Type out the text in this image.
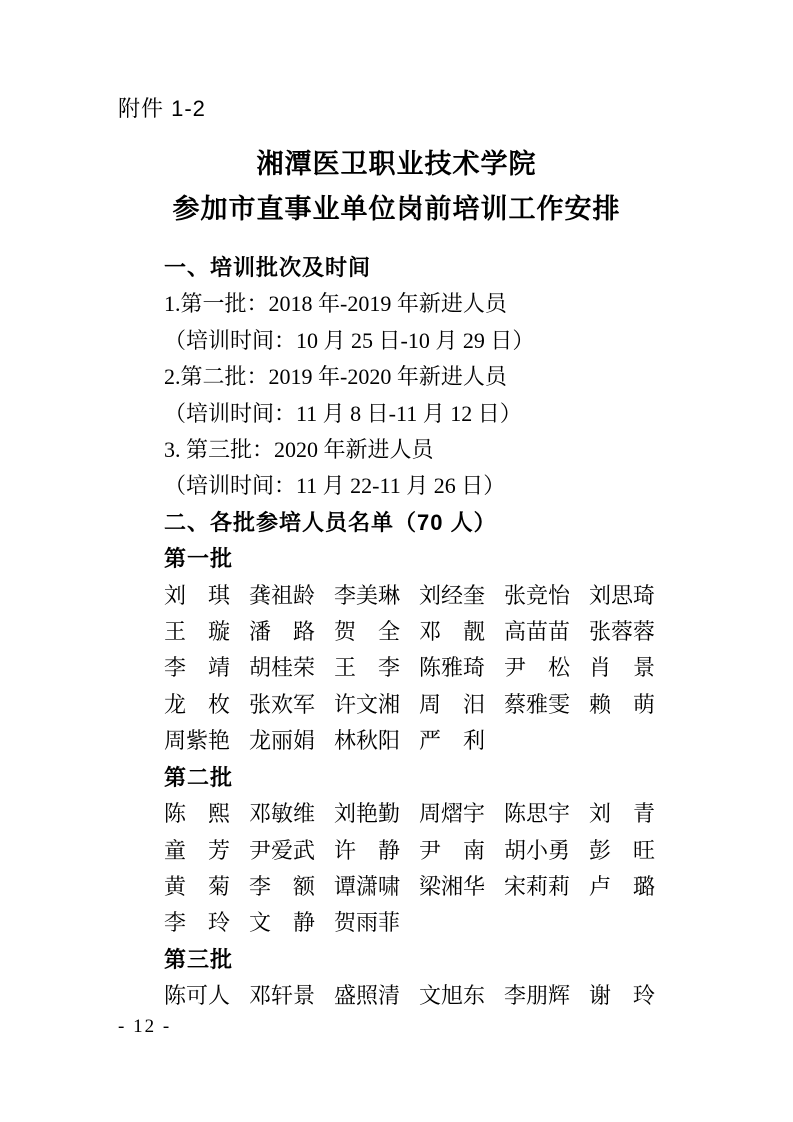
附件 1-2
湘潭医卫职业技术学院
参加市直事业单位岗前培训工作安排
一、培训批次及时间
1.第一批：2018 年-2019 年新进人员
（培训时间：10 月 25 日-10 月 29 日）
2.第二批：2019 年-2020 年新进人员
（培训时间：11 月 8 日-11 月 12 日）
3. 第三批：2020 年新进人员
（培训时间：11 月 22-11 月 26 日）
二、各批参培人员名单（70 人）
第一批
刘琪 龚祖龄 李美琳 刘经奎 张竞怡 刘思琦
王璇 潘路 贺全 邓靓 高苗苗 张蓉蓉
李靖 胡桂荣 王李 陈雅琦 尹松 肖景
龙枚 张欢军 许文湘 周汨 蔡雅雯 赖萌
周紫艳 龙丽娟 林秋阳 严利
第二批
陈熙 邓敏维 刘艳勤 周熠宇 陈思宇 刘青
童芳 尹爱武 许静 尹南 胡小勇 彭旺
黄菊 李额 谭潇啸 梁湘华 宋莉莉 卢璐
李玲 文静 贺雨菲
第三批
陈可人 邓轩景 盛照清 文旭东 李朋辉 谢玲
- 12 -
